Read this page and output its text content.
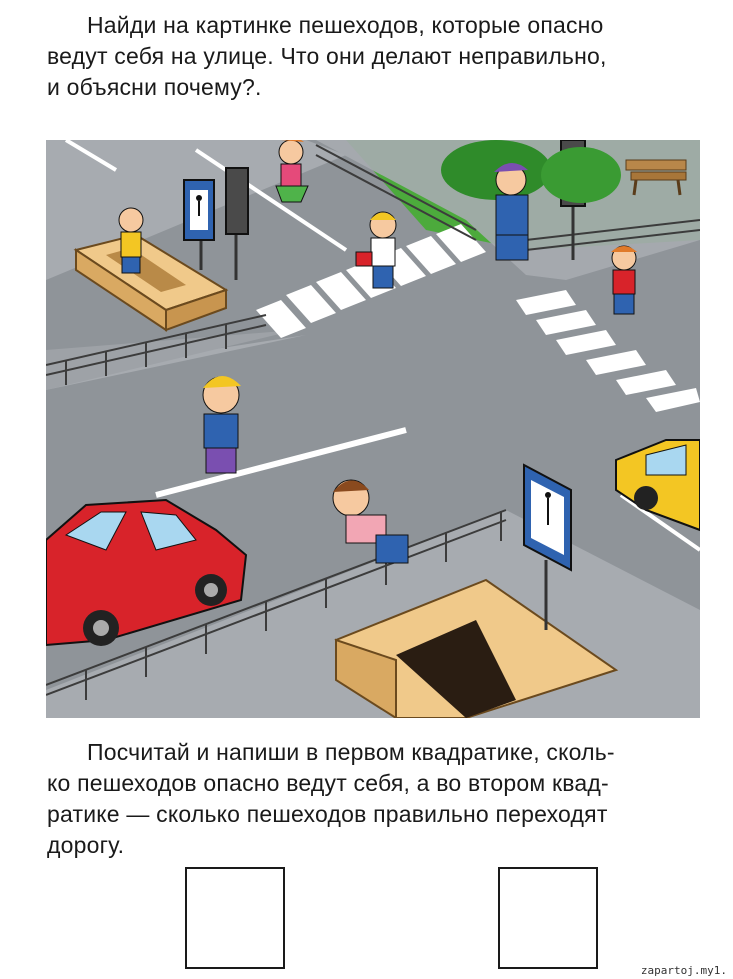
Найди на картинке пешеходов, которые опасно
ведут себя на улице. Что они делают неправильно,
и объясни почему?.
Посчитай и напиши в первом квадратике, сколь-
ко пешеходов опасно ведут себя, а во втором квад-
ратике — сколько пешеходов правильно переходят
дорогу.
zapartoj.my1.
